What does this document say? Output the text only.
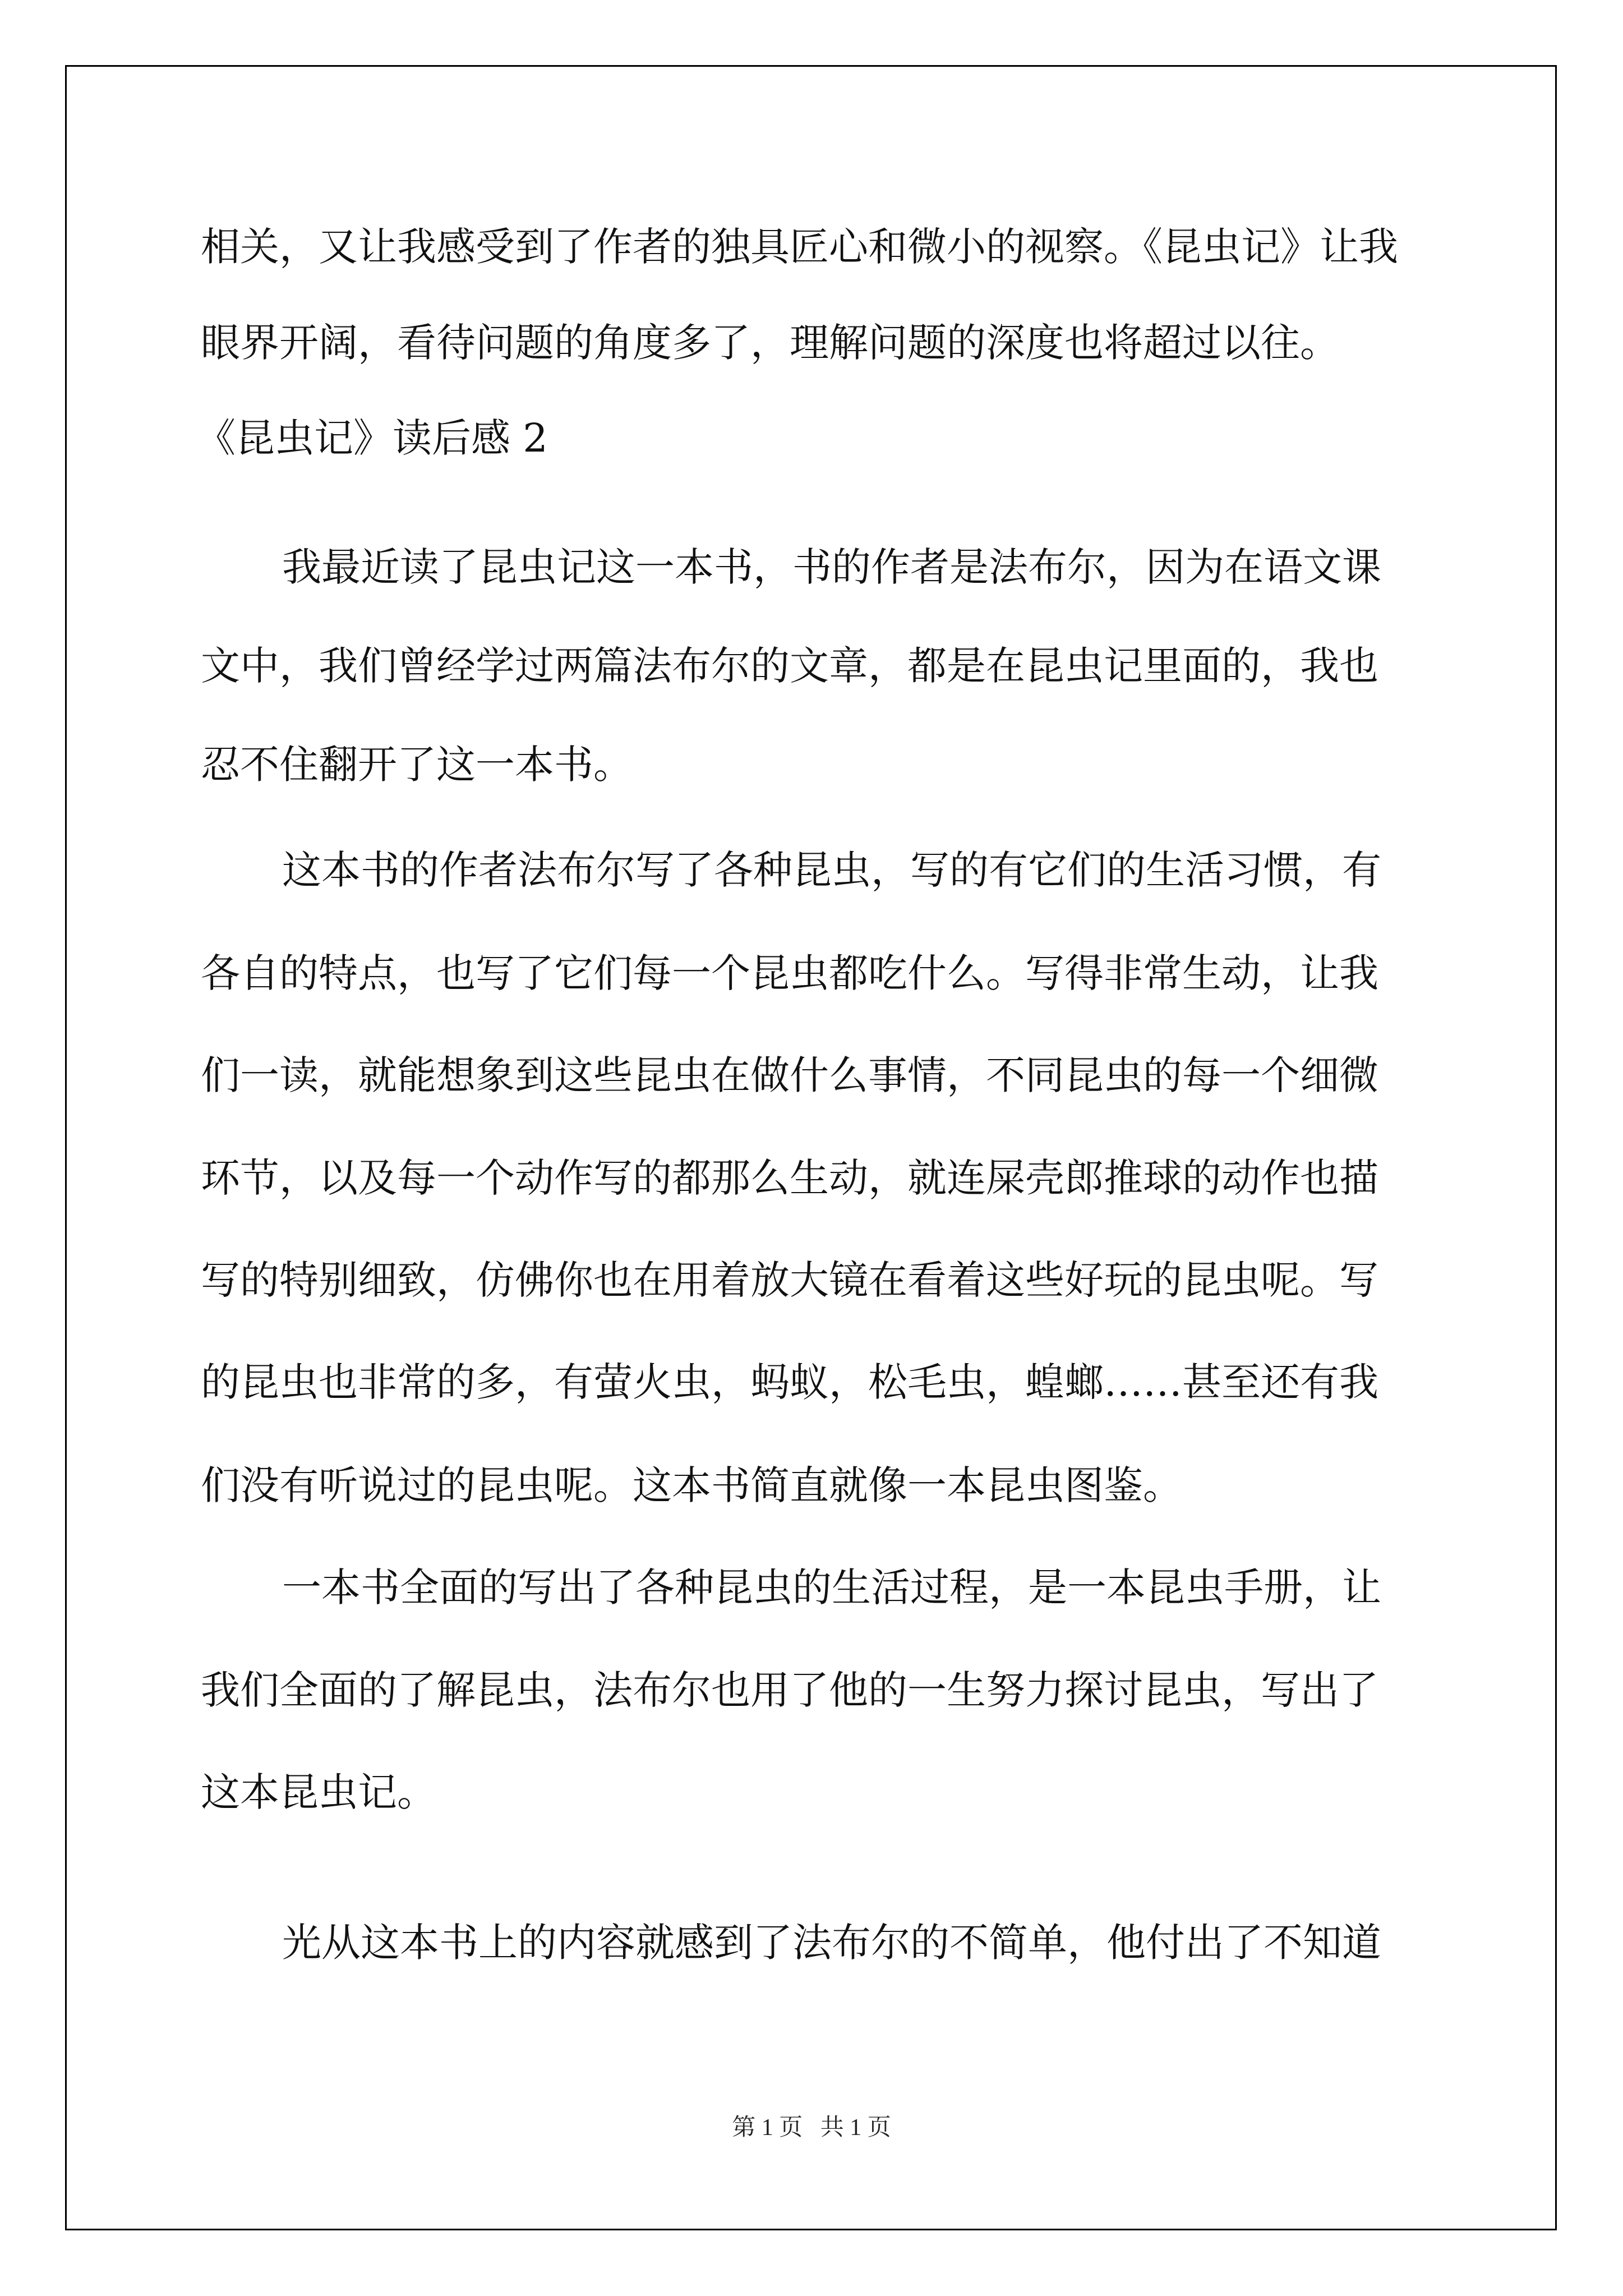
相关，又让我感受到了作者的独具匠心和微小的视察。《昆虫记》让我

眼界开阔，看待问题的角度多了，理解问题的深度也将超过以往。

《昆虫记》读后感 2

我最近读了昆虫记这一本书，书的作者是法布尔，因为在语文课

文中，我们曾经学过两篇法布尔的文章，都是在昆虫记里面的，我也

忍不住翻开了这一本书。

这本书的作者法布尔写了各种昆虫，写的有它们的生活习惯，有

各自的特点，也写了它们每一个昆虫都吃什么。写得非常生动，让我

们一读，就能想象到这些昆虫在做什么事情，不同昆虫的每一个细微

环节，以及每一个动作写的都那么生动，就连屎壳郎推球的动作也描

写的特别细致，仿佛你也在用着放大镜在看着这些好玩的昆虫呢。写

的昆虫也非常的多，有萤火虫，蚂蚁，松毛虫，蝗螂……甚至还有我

们没有听说过的昆虫呢。这本书简直就像一本昆虫图鉴。

一本书全面的写出了各种昆虫的生活过程，是一本昆虫手册，让

我们全面的了解昆虫，法布尔也用了他的一生努力探讨昆虫，写出了

这本昆虫记。

光从这本书上的内容就感到了法布尔的不简单，他付出了不知道

第 1 页   共 1 页
